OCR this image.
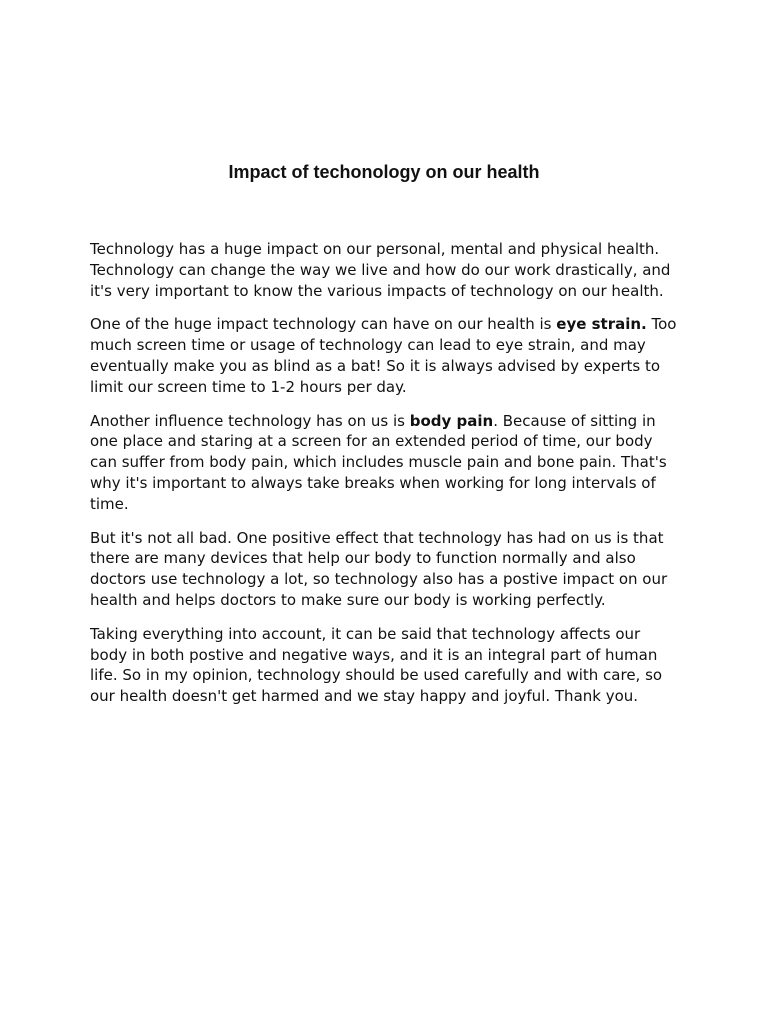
Impact of techonology on our health

Technology has a huge impact on our personal, mental and physical health. Technology can change the way we live and how do our work drastically, and it's very important to know the various impacts of technology on our health.

One of the huge impact technology can have on our health is eye strain. Too much screen time or usage of technology can lead to eye strain, and may eventually make you as blind as a bat! So it is always advised by experts to limit our screen time to 1-2 hours per day.

Another influence technology has on us is body pain. Because of sitting in one place and staring at a screen for an extended period of time, our body can suffer from body pain, which includes muscle pain and bone pain. That's why it's important to always take breaks when working for long intervals of time.

But it's not all bad. One positive effect that technology has had on us is that there are many devices that help our body to function normally and also doctors use technology a lot, so technology also has a postive impact on our health and helps doctors to make sure our body is working perfectly.

Taking everything into account, it can be said that technology affects our body in both postive and negative ways, and it is an integral part of human life. So in my opinion, technology should be used carefully and with care, so our health doesn't get harmed and we stay happy and joyful. Thank you.
